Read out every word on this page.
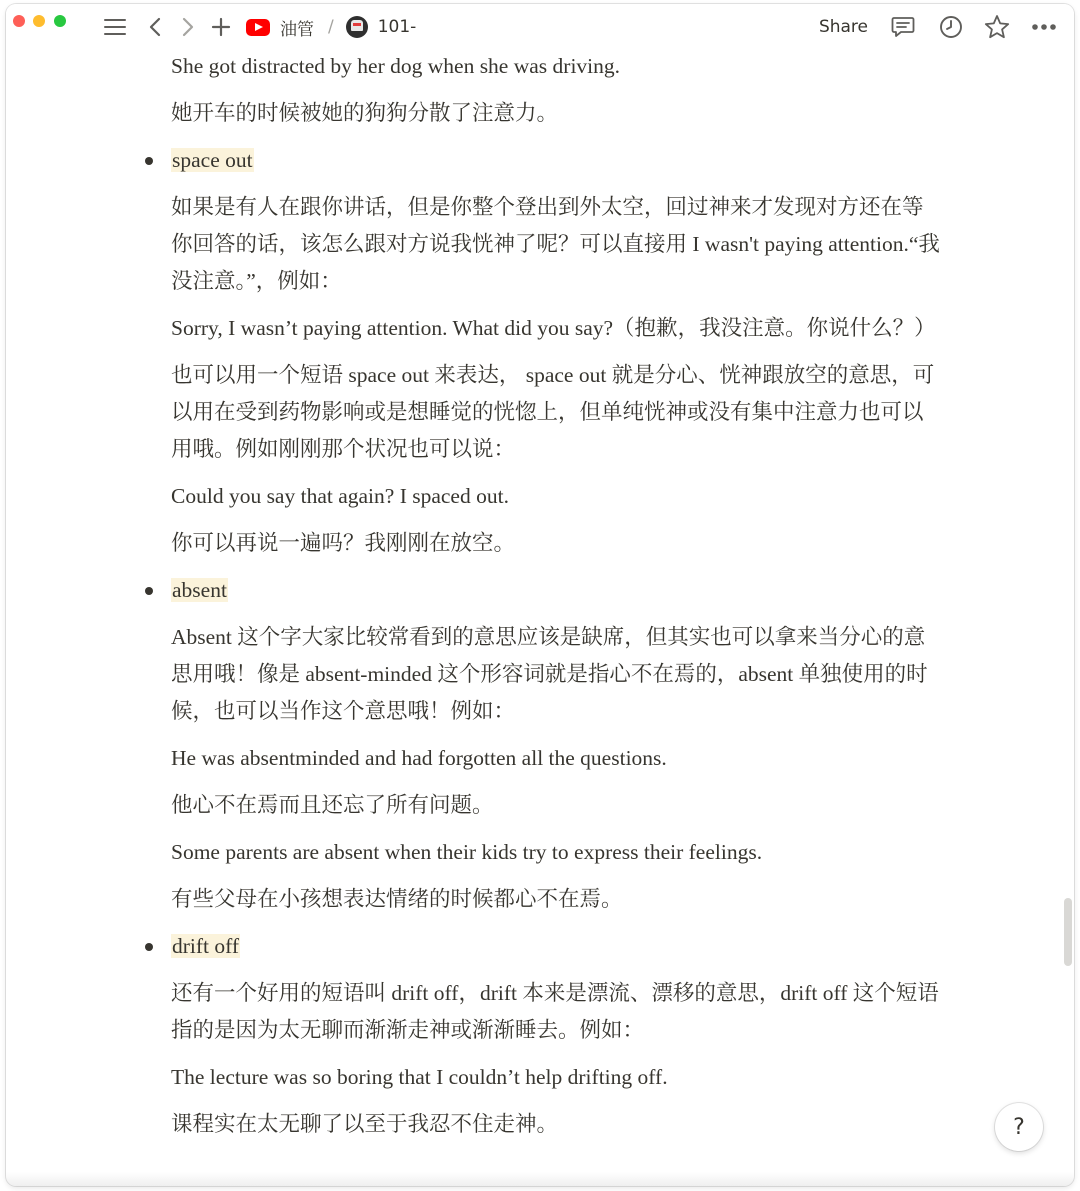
油管 /	101-	Share
She got distracted by her dog when she was driving.
她开车的时候被她的狗狗分散了注意力。
space out
如果是有人在跟你讲话，但是你整个登出到外太空，回过神来才发现对方还在等你回答的话，该怎么跟对方说我恍神了呢？可以直接用 I wasn't paying attention.“我没注意。”，例如：
Sorry, I wasn’t paying attention. What did you say?（抱歉，我没注意。你说什么？）
也可以用一个短语 space out 来表达， space out 就是分心、恍神跟放空的意思，可以用在受到药物影响或是想睡觉的恍惚上，但单纯恍神或没有集中注意力也可以用哦。例如刚刚那个状况也可以说：
Could you say that again? I spaced out.
你可以再说一遍吗？我刚刚在放空。
absent
Absent 这个字大家比较常看到的意思应该是缺席，但其实也可以拿来当分心的意思用哦！像是 absent-minded 这个形容词就是指心不在焉的，absent 单独使用的时候，也可以当作这个意思哦！例如：
He was absentminded and had forgotten all the questions.
他心不在焉而且还忘了所有问题。
Some parents are absent when their kids try to express their feelings.
有些父母在小孩想表达情绪的时候都心不在焉。
drift off
还有一个好用的短语叫 drift off，drift 本来是漂流、漂移的意思，drift off 这个短语指的是因为太无聊而渐渐走神或渐渐睡去。例如：
The lecture was so boring that I couldn’t help drifting off.
课程实在太无聊了以至于我忍不住走神。	?
